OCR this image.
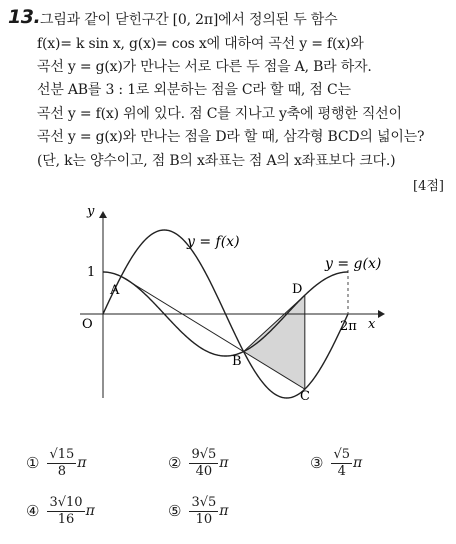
13. 그림과 같이 닫힌구간 [0, 2π]에서 정의된 두 함수
f(x)= k sin x, g(x)= cos x에 대하여 곡선 y = f(x)와
곡선 y = g(x)가 만나는 서로 다른 두 점을 A, B라 하자.
선분 AB를 3 : 1로 외분하는 점을 C라 할 때, 점 C는
곡선 y = f(x) 위에 있다. 점 C를 지나고 y축에 평행한 직선이
곡선 y = g(x)와 만나는 점을 D라 할 때, 삼각형 BCD의 넓이는?
(단, k는 양수이고, 점 B의 x좌표는 점 A의 x좌표보다 크다.)
[4점]
y
x
O
1
2π
y = f(x)
y = g(x)
A
B
C
D
① $\frac{√15}{8}$ π	② $\frac{9√5}{40}$ π	③ $\frac{√5}{4}$ π
④ $\frac{3√10}{16}$ π	⑤ $\frac{3√5}{10}$ π
